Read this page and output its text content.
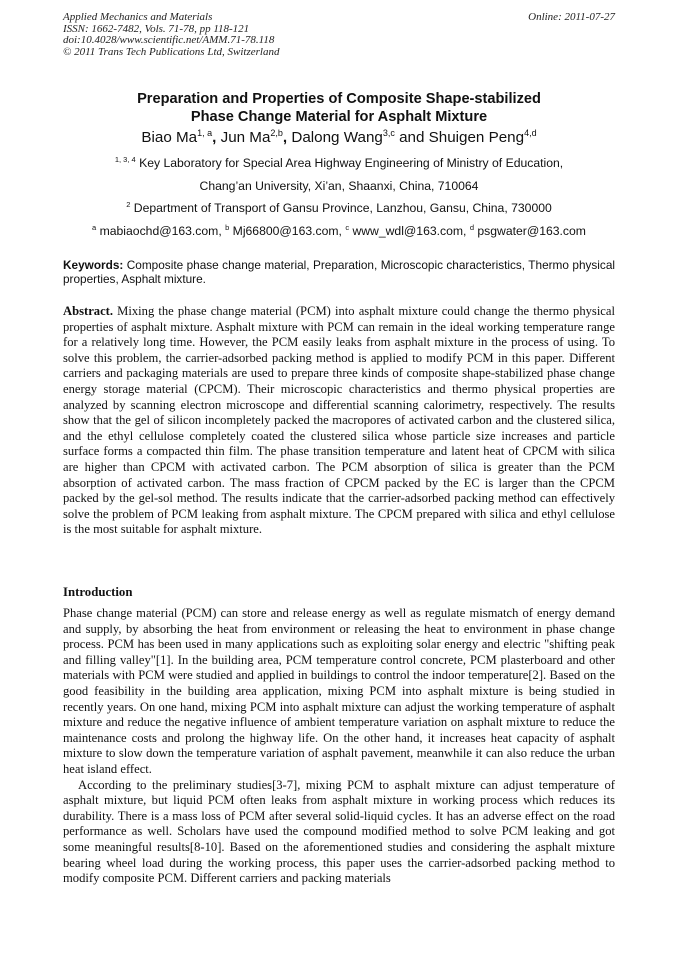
Applied Mechanics and Materials
ISSN: 1662-7482, Vols. 71-78, pp 118-121
doi:10.4028/www.scientific.net/AMM.71-78.118
© 2011 Trans Tech Publications Ltd, Switzerland
Online: 2011-07-27
Preparation and Properties of Composite Shape-stabilized
Phase Change Material for Asphalt Mixture
Biao Ma$^{1, a}$, Jun Ma$^{2,b}$, Dalong Wang$^{3,c}$ and Shuigen Peng$^{4,d}$
$^{1, 3, 4}$ Key Laboratory for Special Area Highway Engineering of Ministry of Education,
Chang’an University, Xi’an, Shaanxi, China, 710064
$^2$ Department of Transport of Gansu Province, Lanzhou, Gansu, China, 730000
$^a$ mabiaochd@163.com, $^b$ Mj66800@163.com, $^c$ www_wdl@163.com, $^d$ psgwater@163.com
Keywords: Composite phase change material, Preparation, Microscopic characteristics, Thermo physical properties, Asphalt mixture.

Abstract. Mixing the phase change material (PCM) into asphalt mixture could change the thermo physical properties of asphalt mixture. Asphalt mixture with PCM can remain in the ideal working temperature range for a relatively long time. However, the PCM easily leaks from asphalt mixture in the process of using. To solve this problem, the carrier-adsorbed packing method is applied to modify PCM in this paper. Different carriers and packaging materials are used to prepare three kinds of composite shape-stabilized phase change energy storage material (CPCM). Their microscopic characteristics and thermo physical properties are analyzed by scanning electron microscope and differential scanning calorimetry, respectively. The results show that the gel of silicon incompletely packed the macropores of activated carbon and the clustered silica, and the ethyl cellulose completely coated the clustered silica whose particle size increases and particle surface forms a compacted thin film. The phase transition temperature and latent heat of CPCM with silica are higher than CPCM with activated carbon. The PCM absorption of silica is greater than the PCM absorption of activated carbon. The mass fraction of CPCM packed by the EC is larger than the CPCM packed by the gel-sol method. The results indicate that the carrier-adsorbed packing method can effectively solve the problem of PCM leaking from asphalt mixture. The CPCM prepared with silica and ethyl cellulose is the most suitable for asphalt mixture.

Introduction

Phase change material (PCM) can store and release energy as well as regulate mismatch of energy demand and supply, by absorbing the heat from environment or releasing the heat to environment in phase change process. PCM has been used in many applications such as exploiting solar energy and electric "shifting peak and filling valley"[1]. In the building area, PCM temperature control concrete, PCM plasterboard and other materials with PCM were studied and applied in buildings to control the indoor temperature[2]. Based on the good feasibility in the building area application, mixing PCM into asphalt mixture is being studied in recently years. On one hand, mixing PCM into asphalt mixture can adjust the working temperature of asphalt mixture and reduce the negative influence of ambient temperature variation on asphalt mixture to reduce the maintenance costs and prolong the highway life. On the other hand, it increases heat capacity of asphalt mixture to slow down the temperature variation of asphalt pavement, meanwhile it can also reduce the urban heat island effect.

According to the preliminary studies[3-7], mixing PCM to asphalt mixture can adjust temperature of asphalt mixture, but liquid PCM often leaks from asphalt mixture in working process which reduces its durability. There is a mass loss of PCM after several solid-liquid cycles. It has an adverse effect on the road performance as well. Scholars have used the compound modified method to solve PCM leaking and got some meaningful results[8-10]. Based on the aforementioned studies and considering the asphalt mixture bearing wheel load during the working process, this paper uses the carrier-adsorbed packing method to modify composite PCM. Different carriers and packing materials
